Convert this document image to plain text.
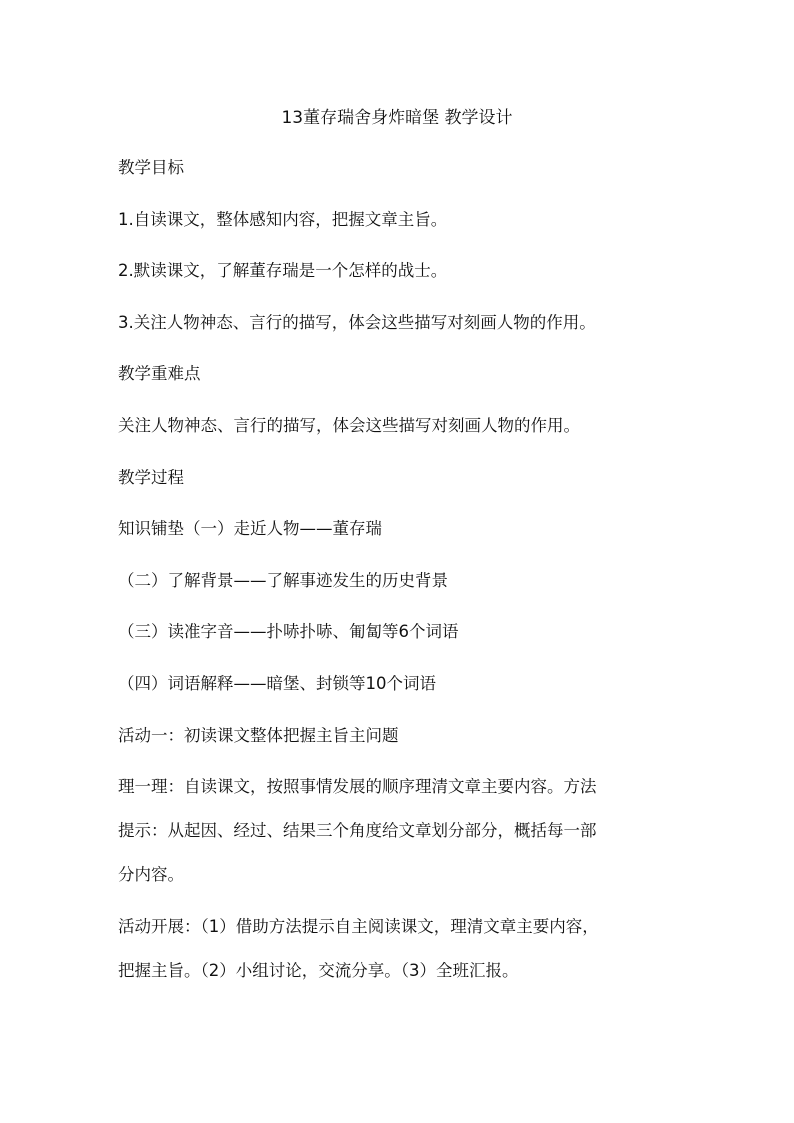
13董存瑞舍身炸暗堡 教学设计
教学目标
1.自读课文，整体感知内容，把握文章主旨。
2.默读课文，了解董存瑞是一个怎样的战士。
3.关注人物神态、言行的描写，体会这些描写对刻画人物的作用。
教学重难点
关注人物神态、言行的描写，体会这些描写对刻画人物的作用。
教学过程
知识铺垫（一）走近人物——董存瑞
（二）了解背景——了解事迹发生的历史背景
（三）读准字音——扑哧扑哧、匍匐等6个词语
（四）词语解释——暗堡、封锁等10个词语
活动一：初读课文整体把握主旨主问题
理一理：自读课文，按照事情发展的顺序理清文章主要内容。方法
提示：从起因、经过、结果三个角度给文章划分部分，概括每一部
分内容。
活动开展：（1）借助方法提示自主阅读课文，理清文章主要内容，
把握主旨。（2）小组讨论，交流分享。（3）全班汇报。
